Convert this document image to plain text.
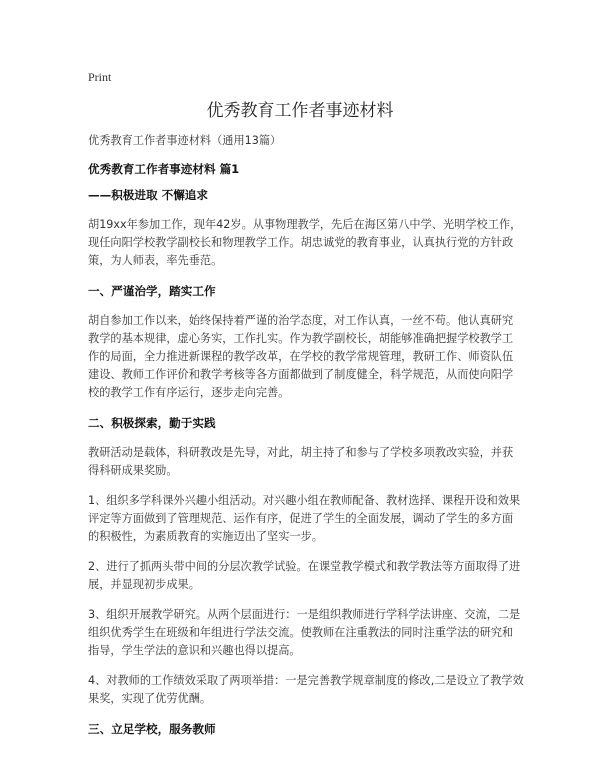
Print
优秀教育工作者事迹材料

优秀教育工作者事迹材料（通用13篇）

优秀教育工作者事迹材料 篇1

——积极进取 不懈追求

胡19xx年参加工作，现年42岁。从事物理教学，先后在海区第八中学、光明学校工作，现任向阳学校教学副校长和物理教学工作。胡忠诚党的教育事业，认真执行党的方针政策，为人师表，率先垂范。

一、严谨治学，踏实工作

胡自参加工作以来，始终保持着严谨的治学态度，对工作认真，一丝不苟。他认真研究教学的基本规律，虚心务实，工作扎实。作为教学副校长，胡能够准确把握学校教学工作的局面，全力推进新课程的教学改革，在学校的教学常规管理，教研工作、师资队伍建设、教师工作评价和教学考核等各方面都做到了制度健全，科学规范，从而使向阳学校的教学工作有序运行，逐步走向完善。

二、积极探索，勤于实践

教研活动是载体，科研教改是先导，对此，胡主持了和参与了学校多项教改实验，并获得科研成果奖励。

1、组织多学科课外兴趣小组活动。对兴趣小组在教师配备、教材选择、课程开设和效果评定等方面做到了管理规范、运作有序，促进了学生的全面发展，调动了学生的多方面的积极性，为素质教育的实施迈出了坚实一步。

2、进行了抓两头带中间的分层次教学试验。在课堂教学模式和教学教法等方面取得了进展，并显现初步成果。

3、组织开展教学研究。从两个层面进行：一是组织教师进行学科学法讲座、交流，二是组织优秀学生在班级和年组进行学法交流。使教师在注重教法的同时注重学法的研究和指导，学生学法的意识和兴趣也得以提高。

4、对教师的工作绩效采取了两项举措：一是完善教学规章制度的修改,二是设立了教学效果奖，实现了优劳优酬。

三、立足学校，服务教师
